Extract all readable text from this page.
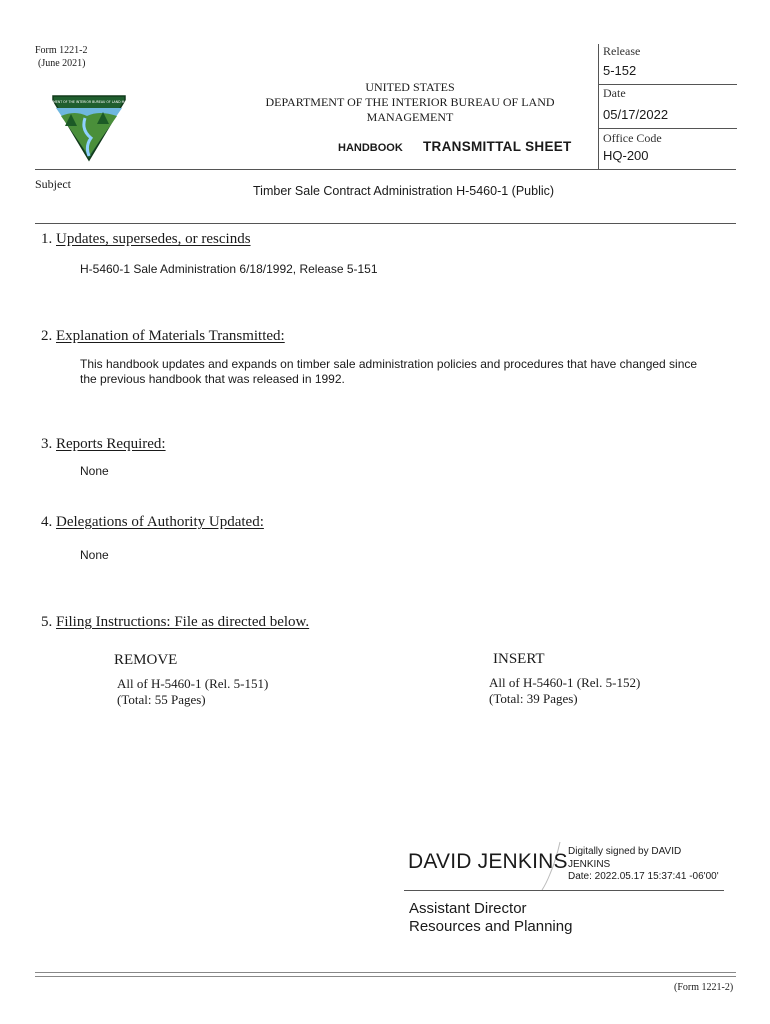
Form 1221-2
(June 2021)
U.S. DEPARTMENT OF THE INTERIOR BUREAU OF LAND MANAGEMENT
UNITED STATES
DEPARTMENT OF THE INTERIOR BUREAU OF LAND
MANAGEMENT
HANDBOOK TRANSMITTAL SHEET
Release
5-152
Date
05/17/2022
Office Code
HQ-200
Subject	Timber Sale Contract Administration H-5460-1 (Public)
1. Updates, supersedes, or rescinds
H-5460-1 Sale Administration 6/18/1992, Release 5-151
2. Explanation of Materials Transmitted:
This handbook updates and expands on timber sale administration policies and procedures that have changed since
the previous handbook that was released in 1992.
3. Reports Required:
None
4. Delegations of Authority Updated:
None
5. Filing Instructions: File as directed below.
REMOVE
All of H-5460-1 (Rel. 5-151)
(Total: 55 Pages)
INSERT
All of H-5460-1 (Rel. 5-152)
(Total: 39 Pages)
DAVID JENKINS Digitally signed by DAVID
JENKINS
Date: 2022.05.17 15:37:41 -06'00'
Assistant Director
Resources and Planning
(Form 1221-2)
